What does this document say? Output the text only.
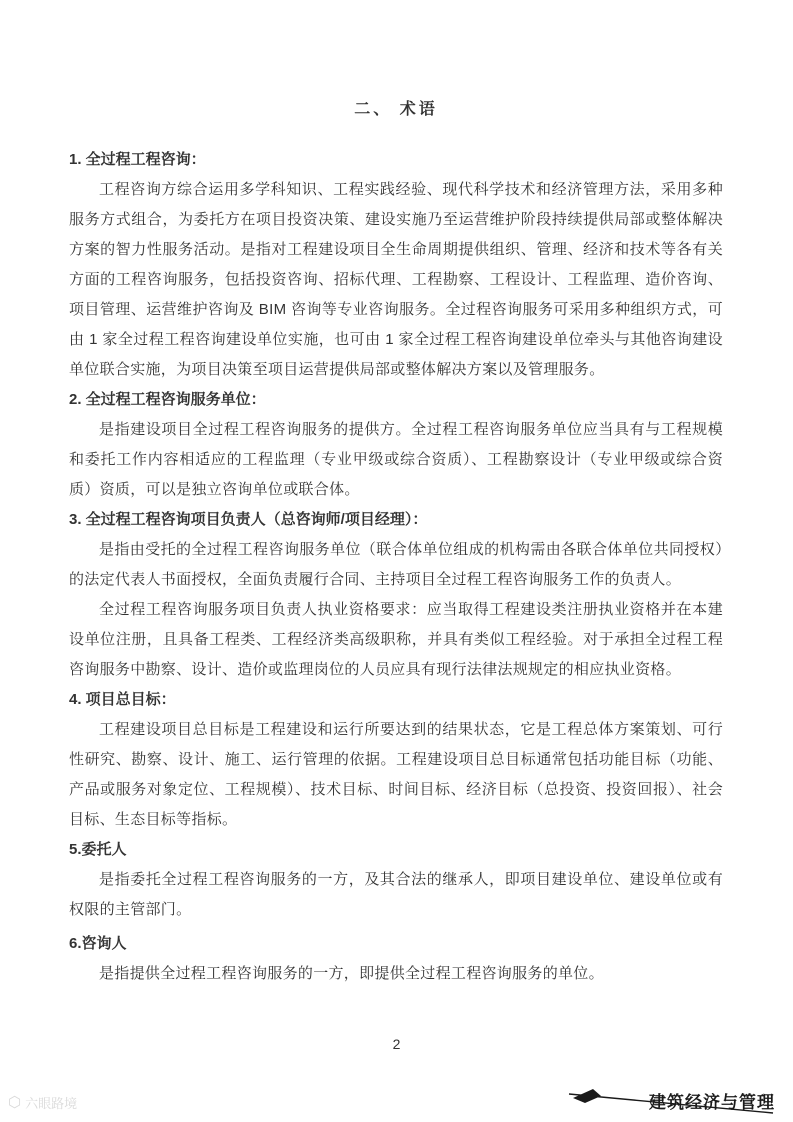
二、 术语
1. 全过程工程咨询：

工程咨询方综合运用多学科知识、工程实践经验、现代科学技术和经济管理方法，采用多种服务方式组合，为委托方在项目投资决策、建设实施乃至运营维护阶段持续提供局部或整体解决方案的智力性服务活动。是指对工程建设项目全生命周期提供组织、管理、经济和技术等各有关方面的工程咨询服务，包括投资咨询、招标代理、工程勘察、工程设计、工程监理、造价咨询、项目管理、运营维护咨询及 BIM 咨询等专业咨询服务。全过程咨询服务可采用多种组织方式，可由 1 家全过程工程咨询建设单位实施，也可由 1 家全过程工程咨询建设单位牵头与其他咨询建设单位联合实施，为项目决策至项目运营提供局部或整体解决方案以及管理服务。

2. 全过程工程咨询服务单位：

是指建设项目全过程工程咨询服务的提供方。全过程工程咨询服务单位应当具有与工程规模和委托工作内容相适应的工程监理（专业甲级或综合资质）、工程勘察设计（专业甲级或综合资质）资质，可以是独立咨询单位或联合体。

3. 全过程工程咨询项目负责人（总咨询师/项目经理）：

是指由受托的全过程工程咨询服务单位（联合体单位组成的机构需由各联合体单位共同授权）的法定代表人书面授权，全面负责履行合同、主持项目全过程工程咨询服务工作的负责人。

全过程工程咨询服务项目负责人执业资格要求：应当取得工程建设类注册执业资格并在本建设单位注册，且具备工程类、工程经济类高级职称，并具有类似工程经验。对于承担全过程工程咨询服务中勘察、设计、造价或监理岗位的人员应具有现行法律法规规定的相应执业资格。

4. 项目总目标：

工程建设项目总目标是工程建设和运行所要达到的结果状态，它是工程总体方案策划、可行性研究、勘察、设计、施工、运行管理的依据。工程建设项目总目标通常包括功能目标（功能、产品或服务对象定位、工程规模）、技术目标、时间目标、经济目标（总投资、投资回报）、社会目标、生态目标等指标。

5.委托人

是指委托全过程工程咨询服务的一方，及其合法的继承人，即项目建设单位、建设单位或有权限的主管部门。

6.咨询人

是指提供全过程工程咨询服务的一方，即提供全过程工程咨询服务的单位。

2
⬡ 六眼路境	建筑经济与管理
